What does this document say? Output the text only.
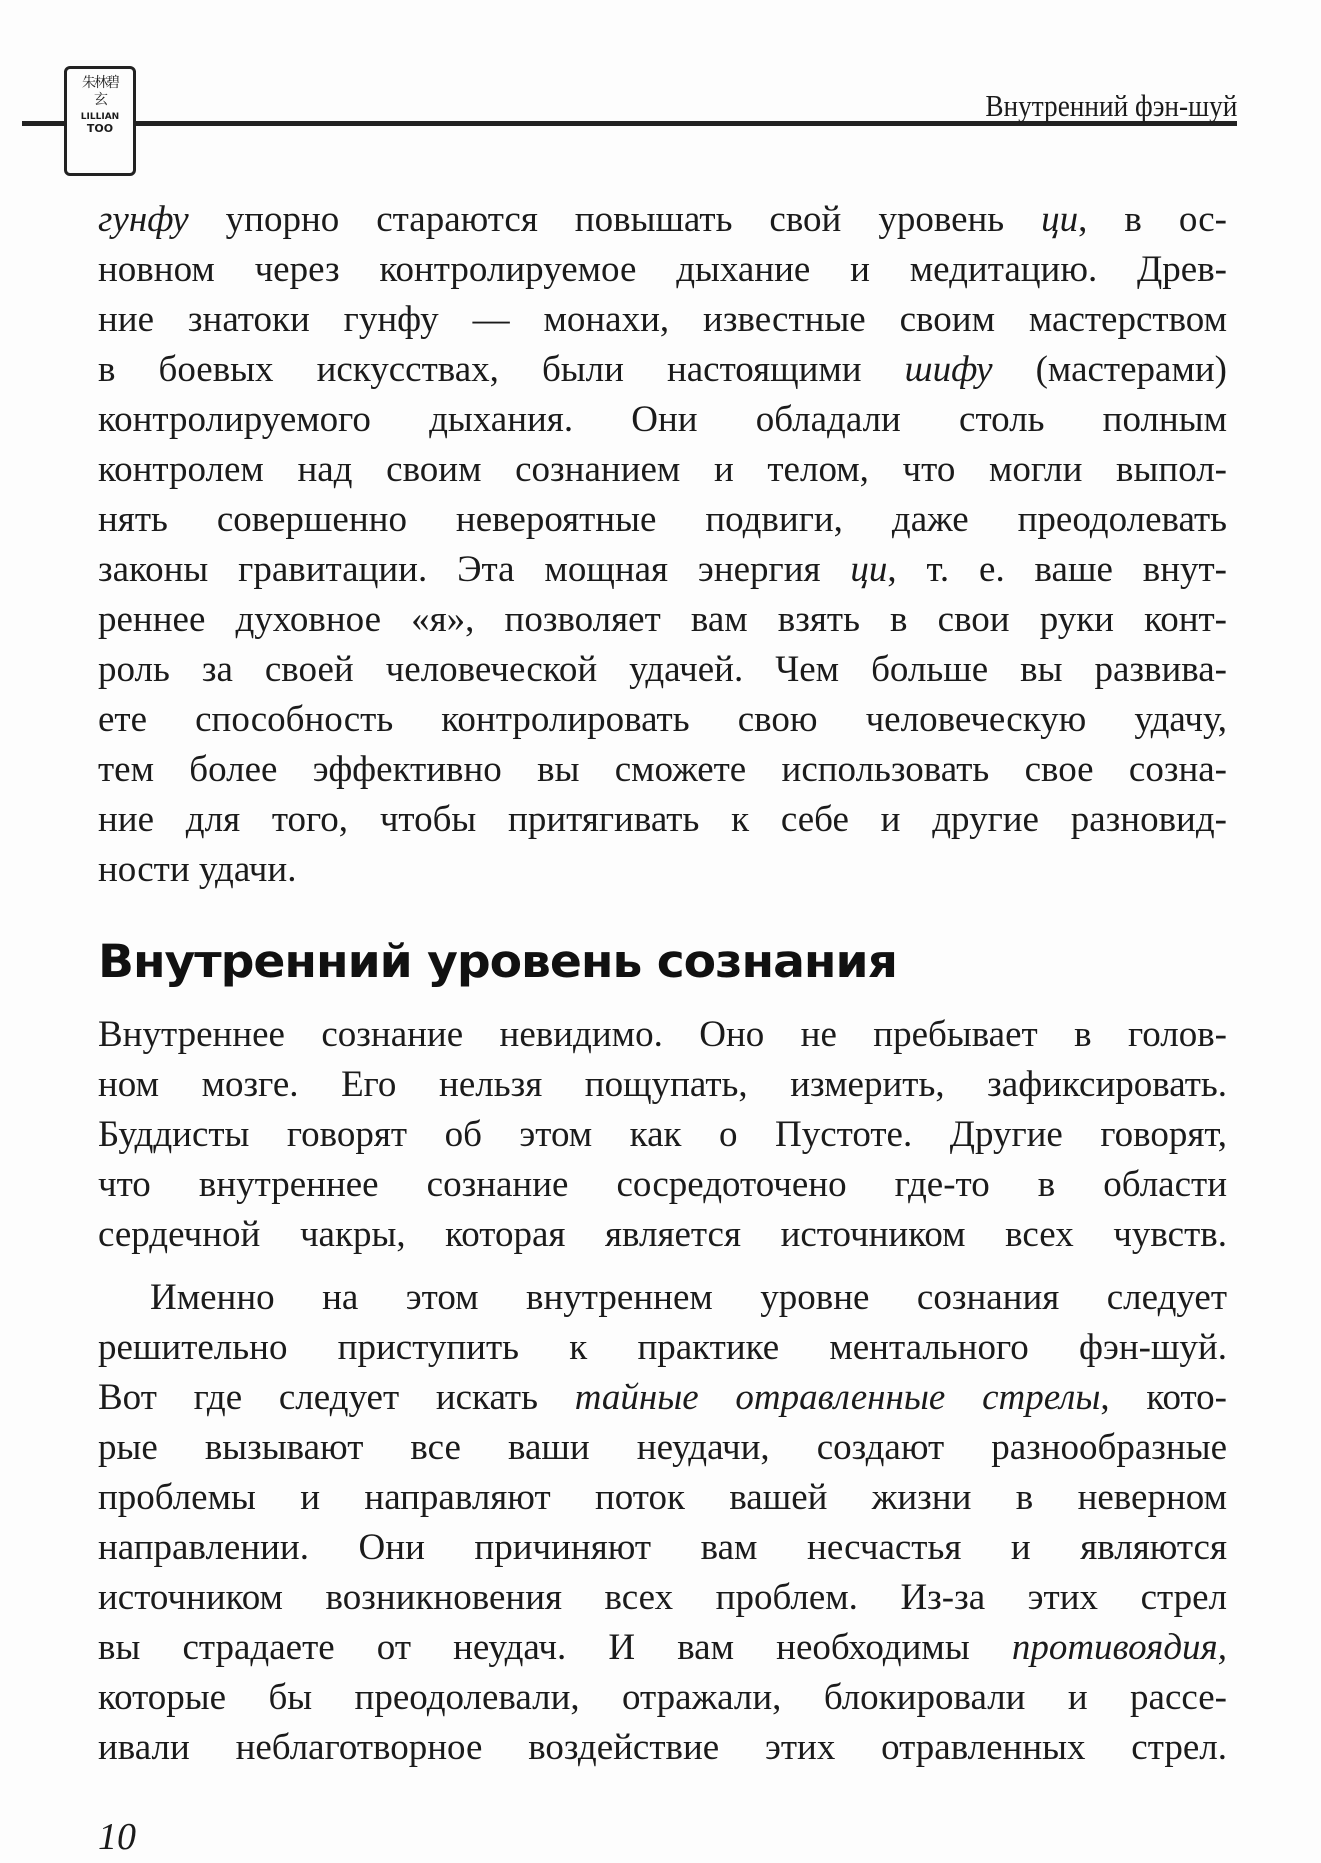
朱林碧玄
LILLIAN
TOO
Внутренний фэн-шуй
гунфу упорно стараются повышать свой уровень ци, в ос-
новном через контролируемое дыхание и медитацию. Древ-
ние знатоки гунфу — монахи, известные своим мастерством
в боевых искусствах, были настоящими шифу (мастерами)
контролируемого дыхания. Они обладали столь полным
контролем над своим сознанием и телом, что могли выпол-
нять совершенно невероятные подвиги, даже преодолевать
законы гравитации. Эта мощная энергия ци, т. е. ваше внут-
реннее духовное «я», позволяет вам взять в свои руки конт-
роль за своей человеческой удачей. Чем больше вы развива-
ете способность контролировать свою человеческую удачу,
тем более эффективно вы сможете использовать свое созна-
ние для того, чтобы притягивать к себе и другие разновид-
ности удачи.
Внутренний уровень сознания
Внутреннее сознание невидимо. Оно не пребывает в голов-
ном мозге. Его нельзя пощупать, измерить, зафиксировать.
Буддисты говорят об этом как о Пустоте. Другие говорят,
что внутреннее сознание сосредоточено где-то в области
сердечной чакры, которая является источником всех чувств.
Именно на этом внутреннем уровне сознания следует
решительно приступить к практике ментального фэн-шуй.
Вот где следует искать тайные отравленные стрелы, кото-
рые вызывают все ваши неудачи, создают разнообразные
проблемы и направляют поток вашей жизни в неверном
направлении. Они причиняют вам несчастья и являются
источником возникновения всех проблем. Из-за этих стрел
вы страдаете от неудач. И вам необходимы противоядия,
которые бы преодолевали, отражали, блокировали и рассе-
ивали неблаготворное воздействие этих отравленных стрел.
10
